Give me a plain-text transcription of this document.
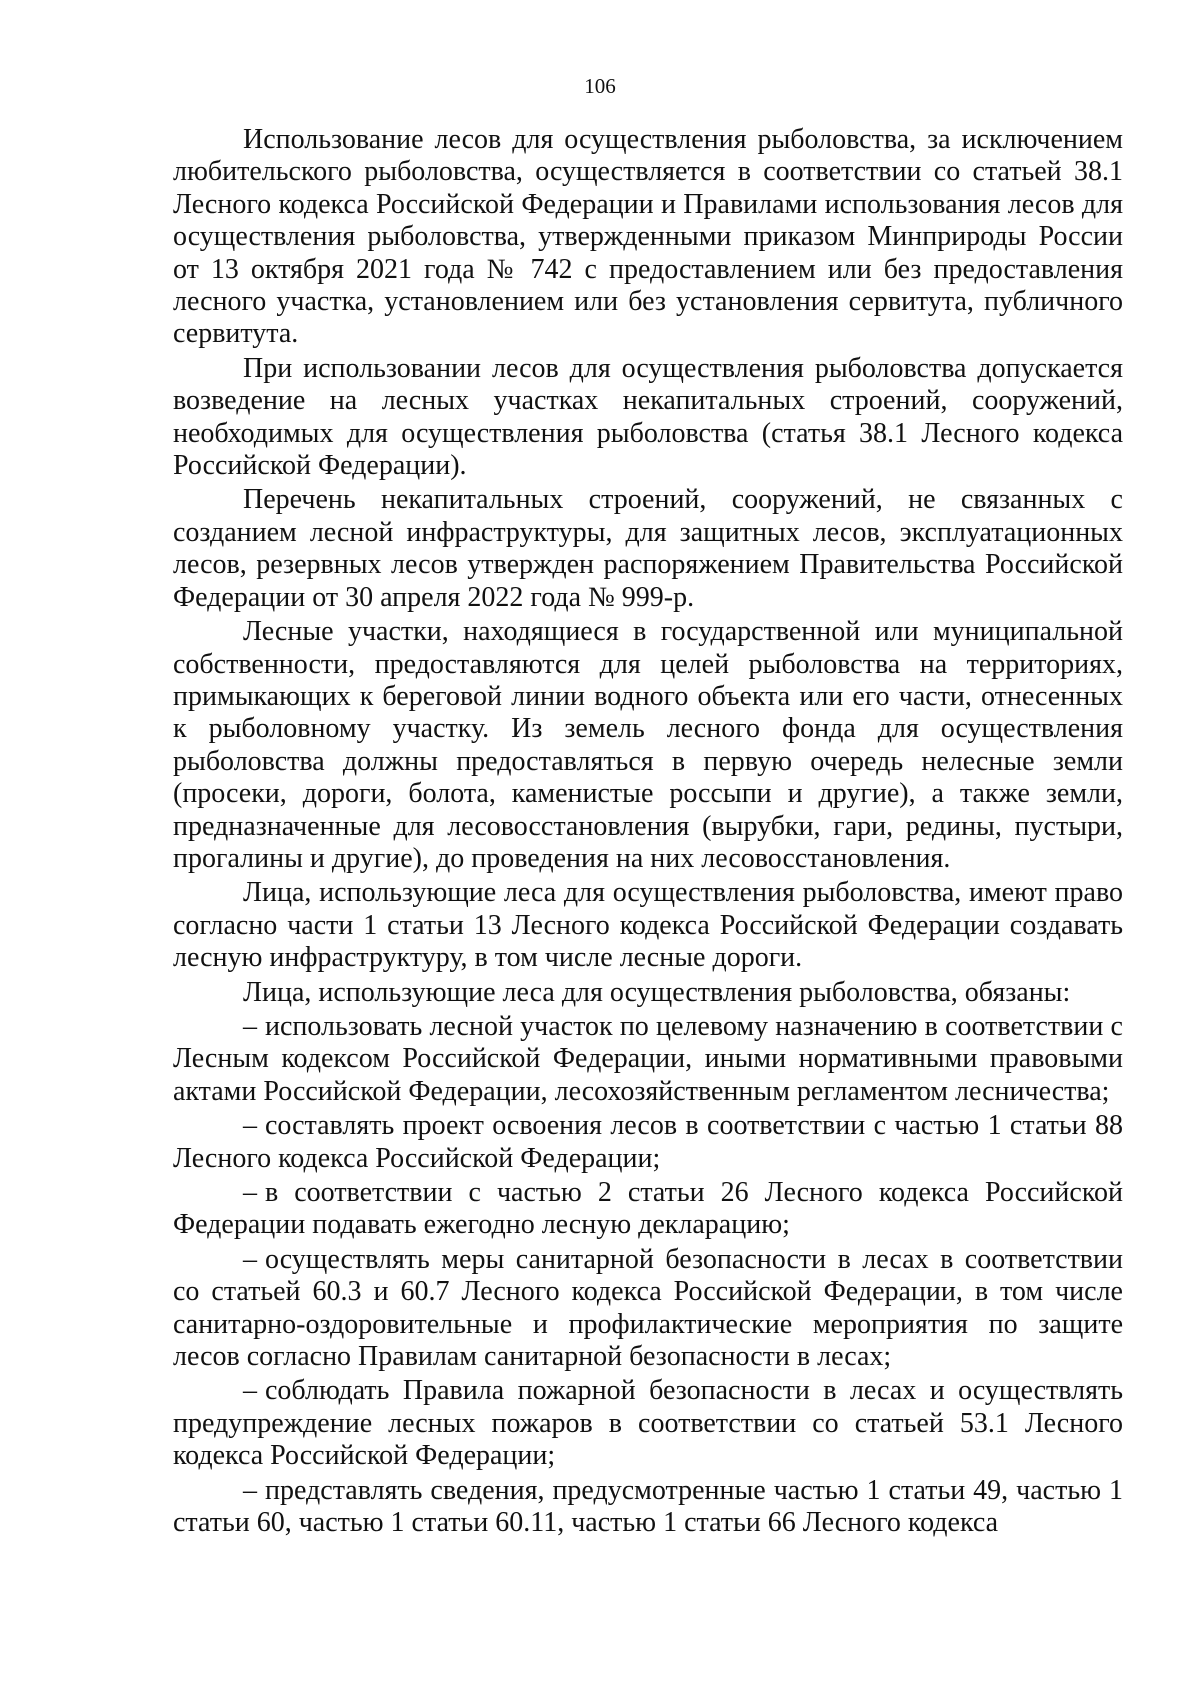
106

Использование лесов для осуществления рыболовства, за исключением любительского рыболовства, осуществляется в соответствии со статьей 38.1 Лесного кодекса Российской Федерации и Правилами использования лесов для осуществления рыболовства, утвержденными приказом Минприроды России от 13 октября 2021 года № 742 с предоставлением или без предоставления лесного участка, установлением или без установления сервитута, публичного сервитута.

При использовании лесов для осуществления рыболовства допускается возведение на лесных участках некапитальных строений, сооружений, необходимых для осуществления рыболовства (статья 38.1 Лесного кодекса Российской Федерации).

Перечень некапитальных строений, сооружений, не связанных с созданием лесной инфраструктуры, для защитных лесов, эксплуатационных лесов, резервных лесов утвержден распоряжением Правительства Российской Федерации от 30 апреля 2022 года № 999-р.

Лесные участки, находящиеся в государственной или муниципальной собственности, предоставляются для целей рыболовства на территориях, примыкающих к береговой линии водного объекта или его части, отнесенных к рыболовному участку. Из земель лесного фонда для осуществления рыболовства должны предоставляться в первую очередь нелесные земли (просеки, дороги, болота, каменистые россыпи и другие), а также земли, предназначенные для лесовосстановления (вырубки, гари, редины, пустыри, прогалины и другие), до проведения на них лесовосстановления.

Лица, использующие леса для осуществления рыболовства, имеют право согласно части 1 статьи 13 Лесного кодекса Российской Федерации создавать лесную инфраструктуру, в том числе лесные дороги.

Лица, использующие леса для осуществления рыболовства, обязаны:

– использовать лесной участок по целевому назначению в соответствии с Лесным кодексом Российской Федерации, иными нормативными правовыми актами Российской Федерации, лесохозяйственным регламентом лесничества;

– составлять проект освоения лесов в соответствии с частью 1 статьи 88 Лесного кодекса Российской Федерации;

– в соответствии с частью 2 статьи 26 Лесного кодекса Российской Федерации подавать ежегодно лесную декларацию;

– осуществлять меры санитарной безопасности в лесах в соответствии со статьей 60.3 и 60.7 Лесного кодекса Российской Федерации, в том числе санитарно-оздоровительные и профилактические мероприятия по защите лесов согласно Правилам санитарной безопасности в лесах;

– соблюдать Правила пожарной безопасности в лесах и осуществлять предупреждение лесных пожаров в соответствии со статьей 53.1 Лесного кодекса Российской Федерации;

– представлять сведения, предусмотренные частью 1 статьи 49, частью 1 статьи 60, частью 1 статьи 60.11, частью 1 статьи 66 Лесного кодекса
